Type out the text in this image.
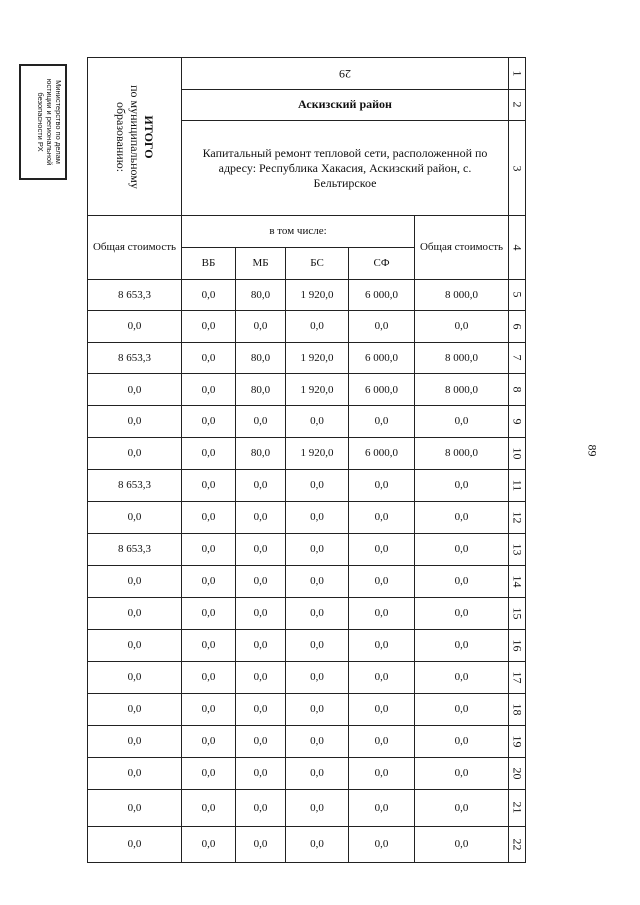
Министерство по делам
юстиции и региональной
безопасности РХ
89
ИТОГО
по муниципальному образованию:	29					1
	Аскизский район					2
	Капитальный ремонт тепловой сети, расположенной по адресу: Республика Хакасия, Аскизский район, с. Бельтирское					3
Общая стоимость	в том числе:				Общая стоимость	4
	ВБ	МБ	БС	СФ		
8 653,3	0,0	80,0	1 920,0	6 000,0	8 000,0	5
0,0	0,0	0,0	0,0	0,0	0,0	6
8 653,3	0,0	80,0	1 920,0	6 000,0	8 000,0	7
0,0	0,0	80,0	1 920,0	6 000,0	8 000,0	8
0,0	0,0	0,0	0,0	0,0	0,0	9
0,0	0,0	80,0	1 920,0	6 000,0	8 000,0	10
8 653,3	0,0	0,0	0,0	0,0	0,0	11
0,0	0,0	0,0	0,0	0,0	0,0	12
8 653,3	0,0	0,0	0,0	0,0	0,0	13
0,0	0,0	0,0	0,0	0,0	0,0	14
0,0	0,0	0,0	0,0	0,0	0,0	15
0,0	0,0	0,0	0,0	0,0	0,0	16
0,0	0,0	0,0	0,0	0,0	0,0	17
0,0	0,0	0,0	0,0	0,0	0,0	18
0,0	0,0	0,0	0,0	0,0	0,0	19
0,0	0,0	0,0	0,0	0,0	0,0	20
0,0	0,0	0,0	0,0	0,0	0,0	21
0,0	0,0	0,0	0,0	0,0	0,0	22
